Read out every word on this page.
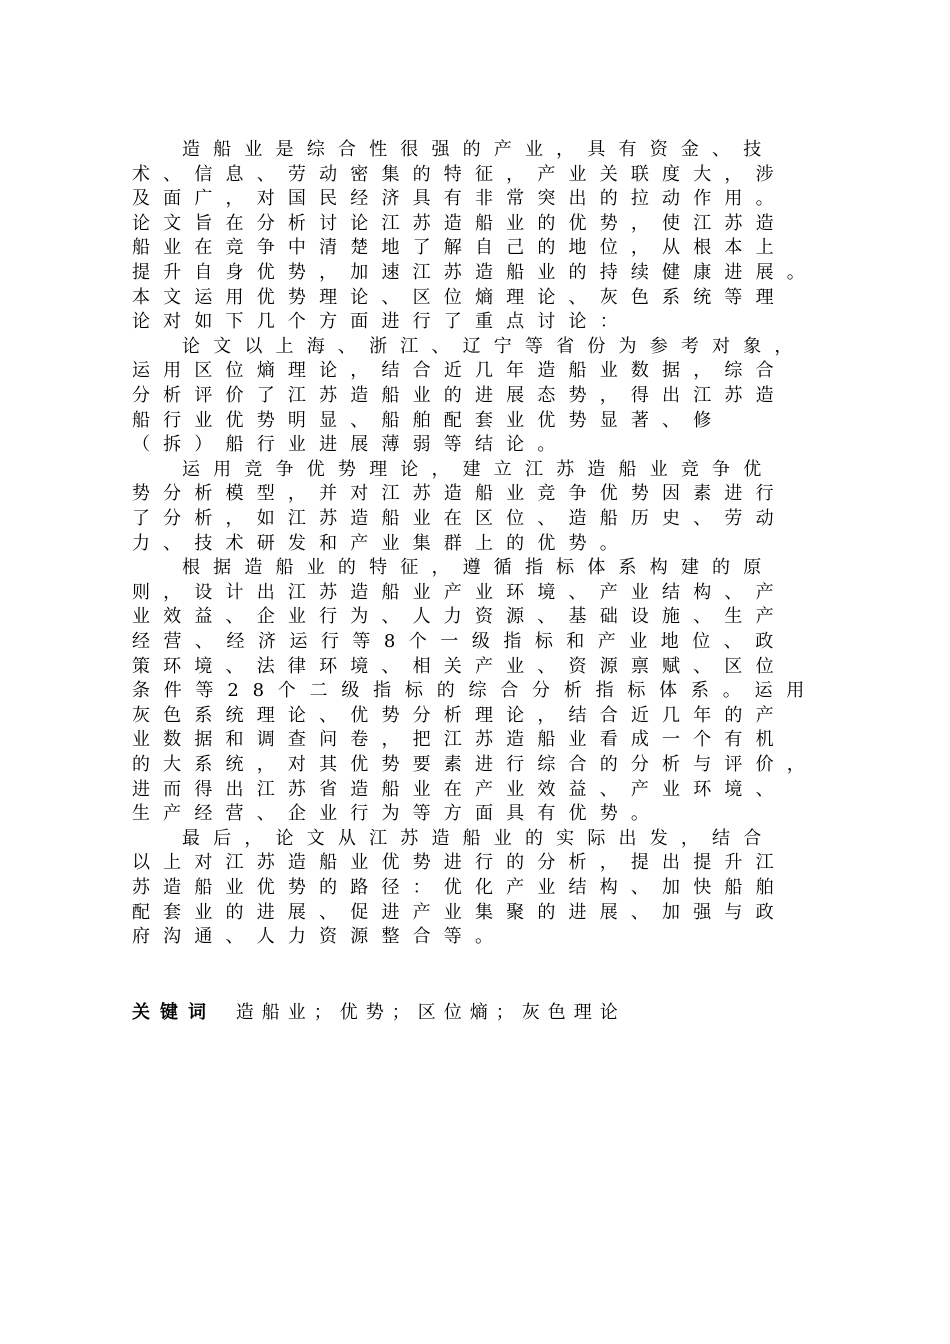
造船业是综合性很强的产业，具有资金、技
术、信息、劳动密集的特征，产业关联度大，涉
及面广，对国民经济具有非常突出的拉动作用。
论文旨在分析讨论江苏造船业的优势，使江苏造
船业在竞争中清楚地了解自己的地位，从根本上
提升自身优势，加速江苏造船业的持续健康进展。
本文运用优势理论、区位熵理论、灰色系统等理
论对如下几个方面进行了重点讨论：
论文以上海、浙江、辽宁等省份为参考对象，
运用区位熵理论，结合近几年造船业数据，综合
分析评价了江苏造船业的进展态势，得出江苏造
船行业优势明显、船舶配套业优势显著、修
（拆）船行业进展薄弱等结论。
运用竞争优势理论，建立江苏造船业竞争优
势分析模型，并对江苏造船业竞争优势因素进行
了分析，如江苏造船业在区位、造船历史、劳动
力、技术研发和产业集群上的优势。
根据造船业的特征，遵循指标体系构建的原
则，设计出江苏造船业产业环境、产业结构、产
业效益、企业行为、人力资源、基础设施、生产
经营、经济运行等8个一级指标和产业地位、政
策环境、法律环境、相关产业、资源禀赋、区位
条件等28个二级指标的综合分析指标体系。运用
灰色系统理论、优势分析理论，结合近几年的产
业数据和调查问卷，把江苏造船业看成一个有机
的大系统，对其优势要素进行综合的分析与评价，
进而得出江苏省造船业在产业效益、产业环境、
生产经营、企业行为等方面具有优势。
最后，论文从江苏造船业的实际出发，结合
以上对江苏造船业优势进行的分析，提出提升江
苏造船业优势的路径：优化产业结构、加快船舶
配套业的进展、促进产业集聚的进展、加强与政
府沟通、人力资源整合等。
关键词 造船业；优势；区位熵；灰色理论
